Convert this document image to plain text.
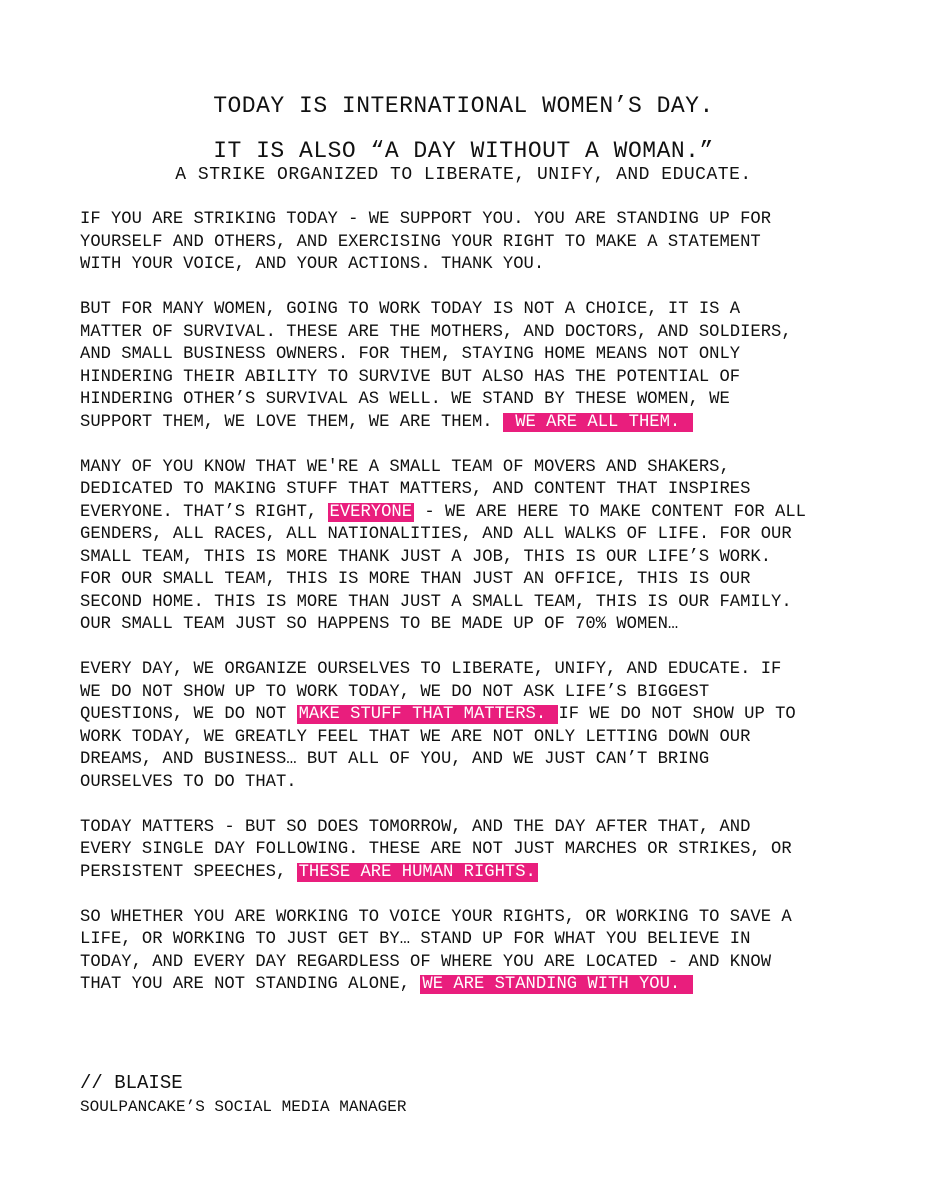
TODAY IS INTERNATIONAL WOMEN’S DAY.
IT IS ALSO “A DAY WITHOUT A WOMAN.”
A STRIKE ORGANIZED TO LIBERATE, UNIFY, AND EDUCATE.
IF YOU ARE STRIKING TODAY - WE SUPPORT YOU. YOU ARE STANDING UP FOR
YOURSELF AND OTHERS, AND EXERCISING YOUR RIGHT TO MAKE A STATEMENT
WITH YOUR VOICE, AND YOUR ACTIONS. THANK YOU.
BUT FOR MANY WOMEN, GOING TO WORK TODAY IS NOT A CHOICE, IT IS A
MATTER OF SURVIVAL. THESE ARE THE MOTHERS, AND DOCTORS, AND SOLDIERS,
AND SMALL BUSINESS OWNERS. FOR THEM, STAYING HOME MEANS NOT ONLY
HINDERING THEIR ABILITY TO SURVIVE BUT ALSO HAS THE POTENTIAL OF
HINDERING OTHER’S SURVIVAL AS WELL. WE STAND BY THESE WOMEN, WE
SUPPORT THEM, WE LOVE THEM, WE ARE THEM.  WE ARE ALL THEM.
MANY OF YOU KNOW THAT WE'RE A SMALL TEAM OF MOVERS AND SHAKERS,
DEDICATED TO MAKING STUFF THAT MATTERS, AND CONTENT THAT INSPIRES
EVERYONE. THAT’S RIGHT, EVERYONE - WE ARE HERE TO MAKE CONTENT FOR ALL
GENDERS, ALL RACES, ALL NATIONALITIES, AND ALL WALKS OF LIFE. FOR OUR
SMALL TEAM, THIS IS MORE THANK JUST A JOB, THIS IS OUR LIFE’S WORK.
FOR OUR SMALL TEAM, THIS IS MORE THAN JUST AN OFFICE, THIS IS OUR
SECOND HOME. THIS IS MORE THAN JUST A SMALL TEAM, THIS IS OUR FAMILY.
OUR SMALL TEAM JUST SO HAPPENS TO BE MADE UP OF 70% WOMEN…
EVERY DAY, WE ORGANIZE OURSELVES TO LIBERATE, UNIFY, AND EDUCATE. IF
WE DO NOT SHOW UP TO WORK TODAY, WE DO NOT ASK LIFE’S BIGGEST
QUESTIONS, WE DO NOT MAKE STUFF THAT MATTERS. IF WE DO NOT SHOW UP TO
WORK TODAY, WE GREATLY FEEL THAT WE ARE NOT ONLY LETTING DOWN OUR
DREAMS, AND BUSINESS… BUT ALL OF YOU, AND WE JUST CAN’T BRING
OURSELVES TO DO THAT.
TODAY MATTERS - BUT SO DOES TOMORROW, AND THE DAY AFTER THAT, AND
EVERY SINGLE DAY FOLLOWING. THESE ARE NOT JUST MARCHES OR STRIKES, OR
PERSISTENT SPEECHES, THESE ARE HUMAN RIGHTS.
SO WHETHER YOU ARE WORKING TO VOICE YOUR RIGHTS, OR WORKING TO SAVE A
LIFE, OR WORKING TO JUST GET BY… STAND UP FOR WHAT YOU BELIEVE IN
TODAY, AND EVERY DAY REGARDLESS OF WHERE YOU ARE LOCATED - AND KNOW
THAT YOU ARE NOT STANDING ALONE, WE ARE STANDING WITH YOU.
// BLAISE
SOULPANCAKE’S SOCIAL MEDIA MANAGER
